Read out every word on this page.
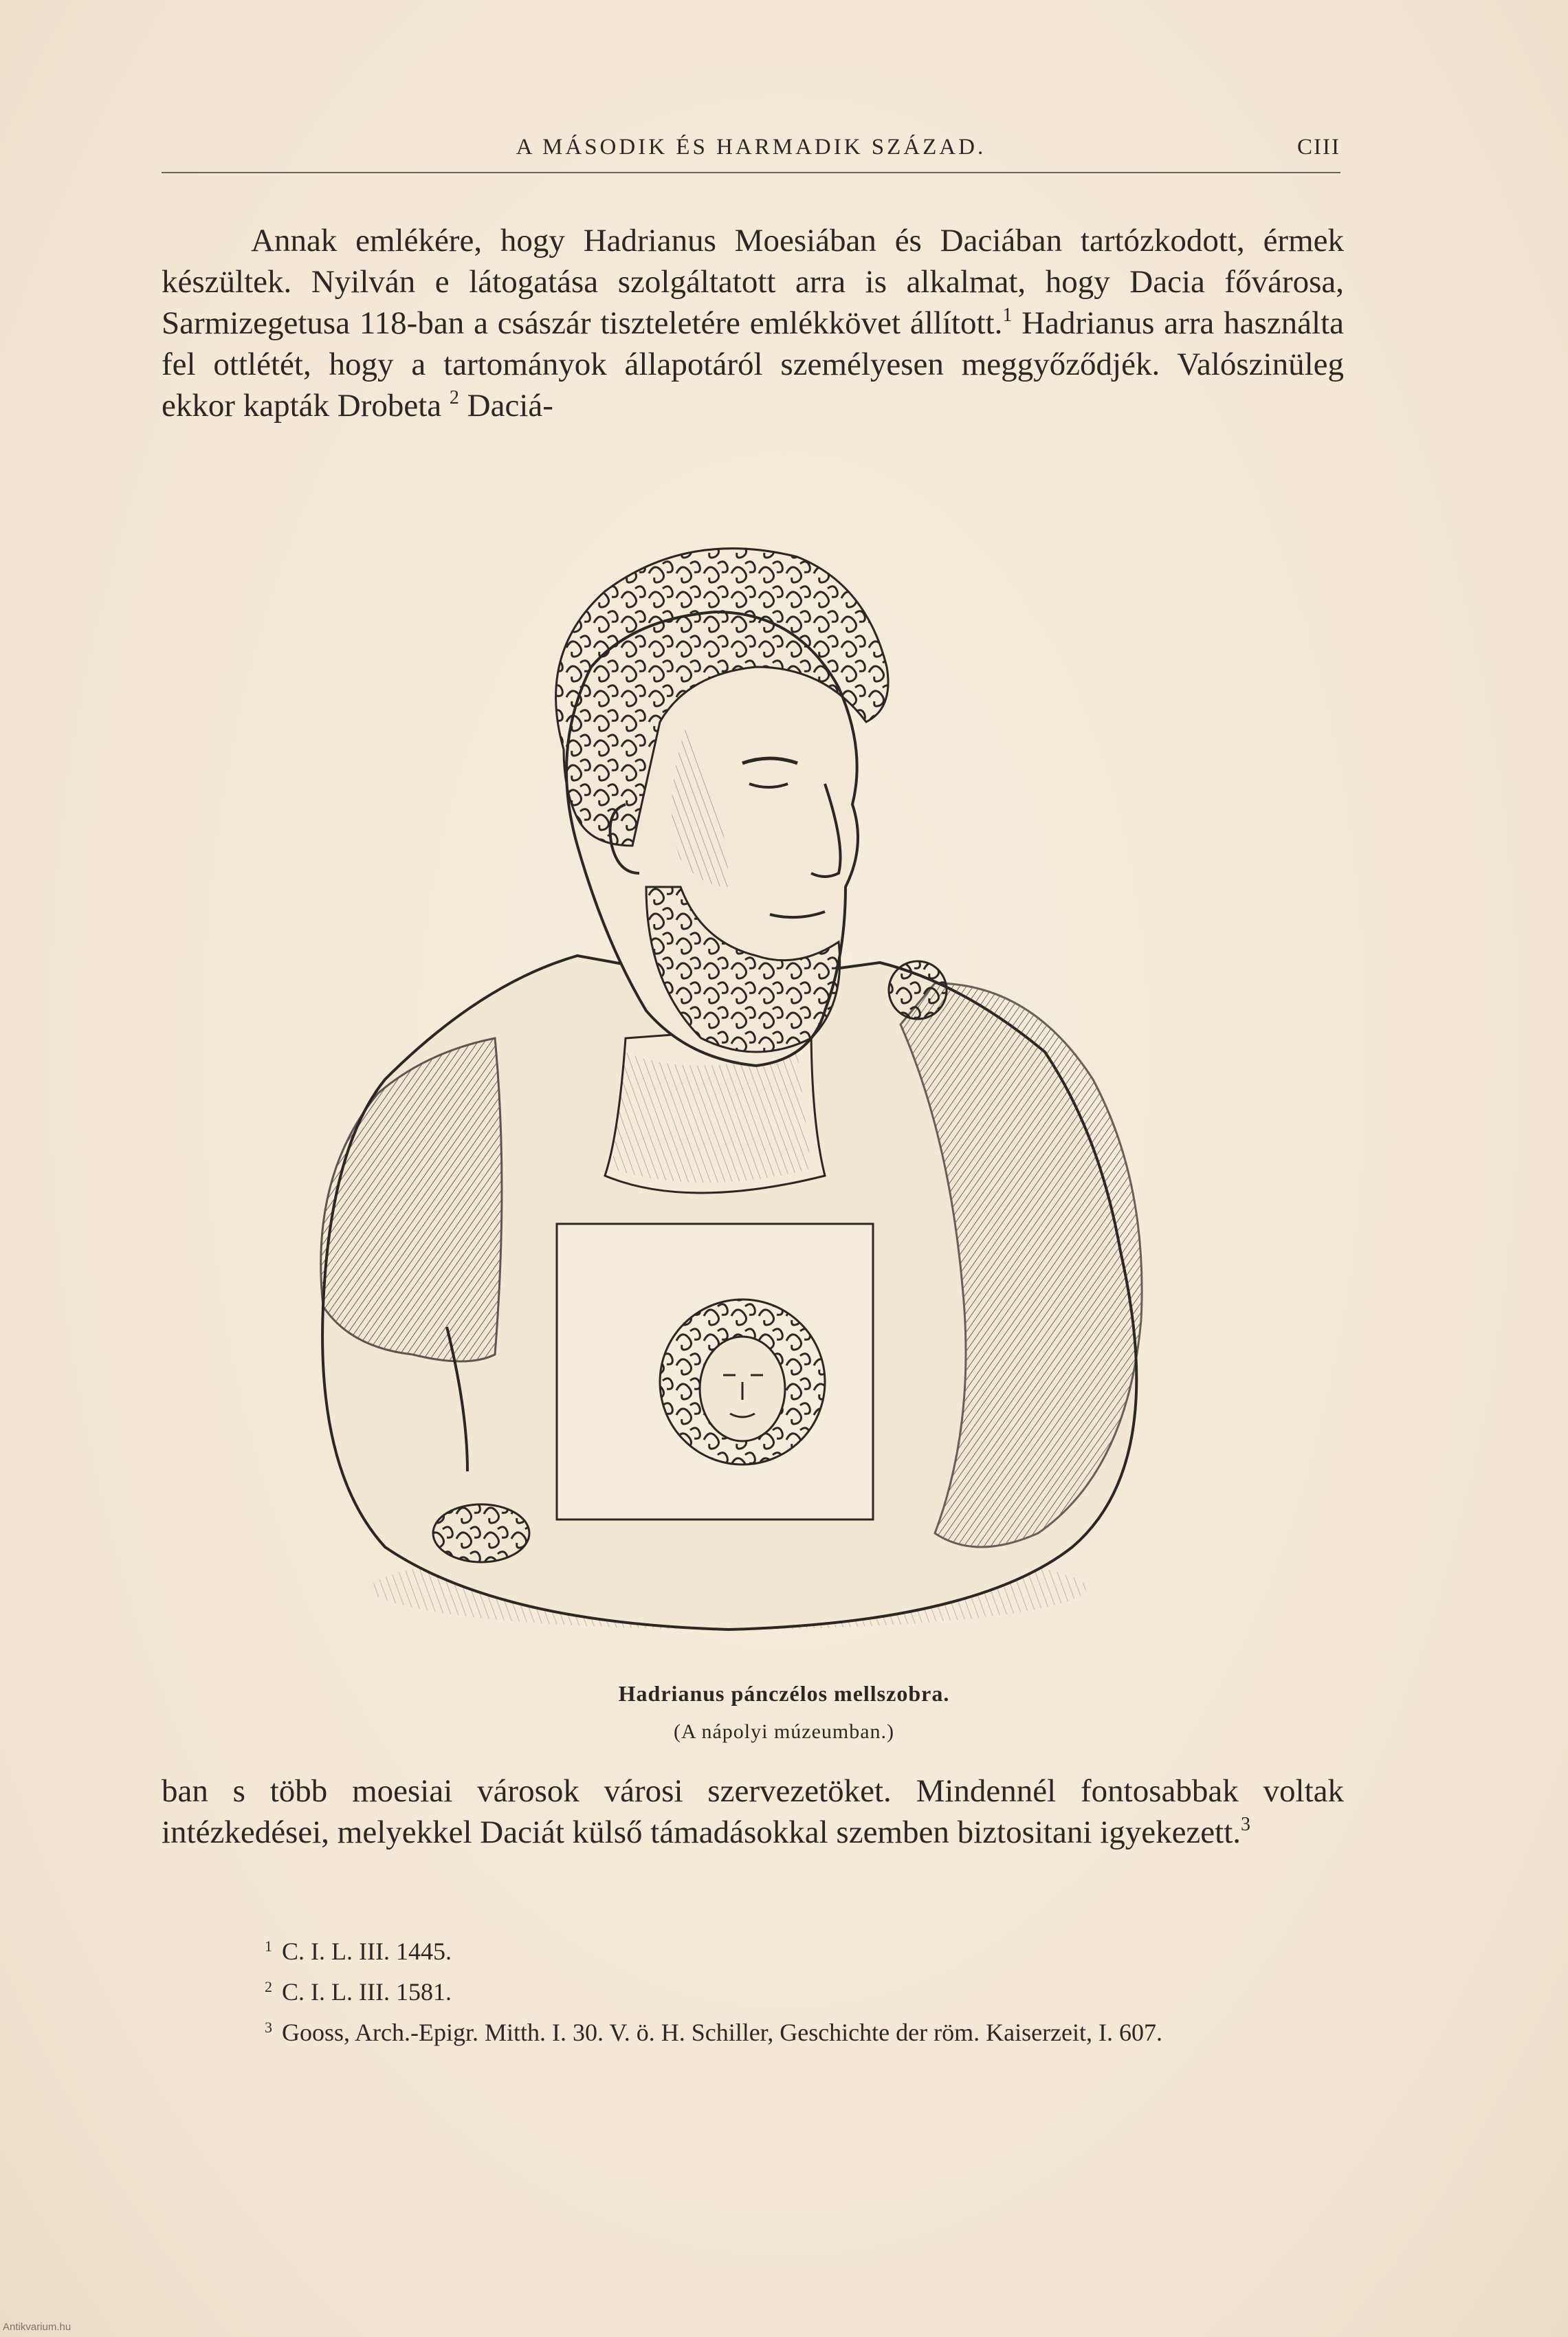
A MÁSODIK ÉS HARMADIK SZÁZAD.	CIII

Annak emlékére, hogy Hadrianus Moesiában és Daciában tartózkodott, érmek készültek. Nyilván e látogatása szolgáltatott arra is alkalmat, hogy Dacia fővárosa, Sarmizegetusa 118-ban a császár tiszteletére emlékkövet állított.$^1$ Hadrianus arra használta fel ottlétét, hogy a tartományok állapotáról személyesen meggyőződjék. Valószinüleg ekkor kapták Drobeta $^2$ Daciá-

Hadrianus pánczélos mellszobra.
(A nápolyi múzeumban.)

ban s több moesiai városok városi szervezetöket. Mindennél fontosabbak voltak intézkedései, melyekkel Daciát külső támadásokkal szemben biztositani igyekezett.$^3$

$^1$ C. I. L. III. 1445.
$^2$ C. I. L. III. 1581.
$^3$ Gooss, Arch.-Epigr. Mitth. I. 30. V. ö. H. Schiller, Geschichte der röm. Kaiserzeit, I. 607.
Antikvarium.hu
